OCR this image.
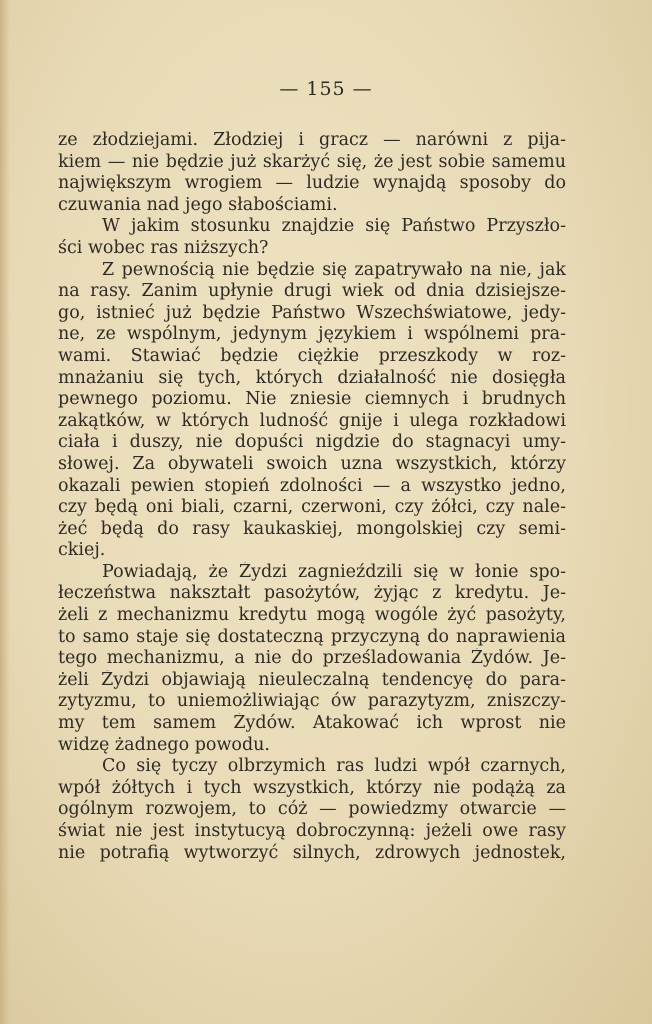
— 155 —
ze złodziejami. Złodziej i gracz — narówni z pija-
kiem — nie będzie już skarżyć się, że jest sobie samemu
największym wrogiem — ludzie wynajdą sposoby do
czuwania nad jego słabościami.
W jakim stosunku znajdzie się Państwo Przyszło-
ści wobec ras niższych?
Z pewnością nie będzie się zapatrywało na nie, jak
na rasy. Zanim upłynie drugi wiek od dnia dzisiejsze-
go, istnieć już będzie Państwo Wszechświatowe, jedy-
ne, ze wspólnym, jedynym językiem i wspólnemi pra-
wami. Stawiać będzie ciężkie przeszkody w roz-
mnażaniu się tych, których działalność nie dosięgła
pewnego poziomu. Nie zniesie ciemnych i brudnych
zakątków, w których ludność gnije i ulega rozkładowi
ciała i duszy, nie dopuści nigdzie do stagnacyi umy-
słowej. Za obywateli swoich uzna wszystkich, którzy
okazali pewien stopień zdolności — a wszystko jedno,
czy będą oni biali, czarni, czerwoni, czy żółci, czy nale-
żeć będą do rasy kaukaskiej, mongolskiej czy semi-
ckiej.
Powiadają, że Żydzi zagnieździli się w łonie spo-
łeczeństwa nakształt pasożytów, żyjąc z kredytu. Je-
żeli z mechanizmu kredytu mogą wogóle żyć pasożyty,
to samo staje się dostateczną przyczyną do naprawienia
tego mechanizmu, a nie do prześladowania Żydów. Je-
żeli Żydzi objawiają nieuleczalną tendencyę do para-
zytyzmu, to uniemożliwiając ów parazytyzm, zniszczy-
my tem samem Żydów. Atakować ich wprost nie
widzę żadnego powodu.
Co się tyczy olbrzymich ras ludzi wpół czarnych,
wpół żółtych i tych wszystkich, którzy nie podążą za
ogólnym rozwojem, to cóż — powiedzmy otwarcie —
świat nie jest instytucyą dobroczynną: jeżeli owe rasy
nie potrafią wytworzyć silnych, zdrowych jednostek,
